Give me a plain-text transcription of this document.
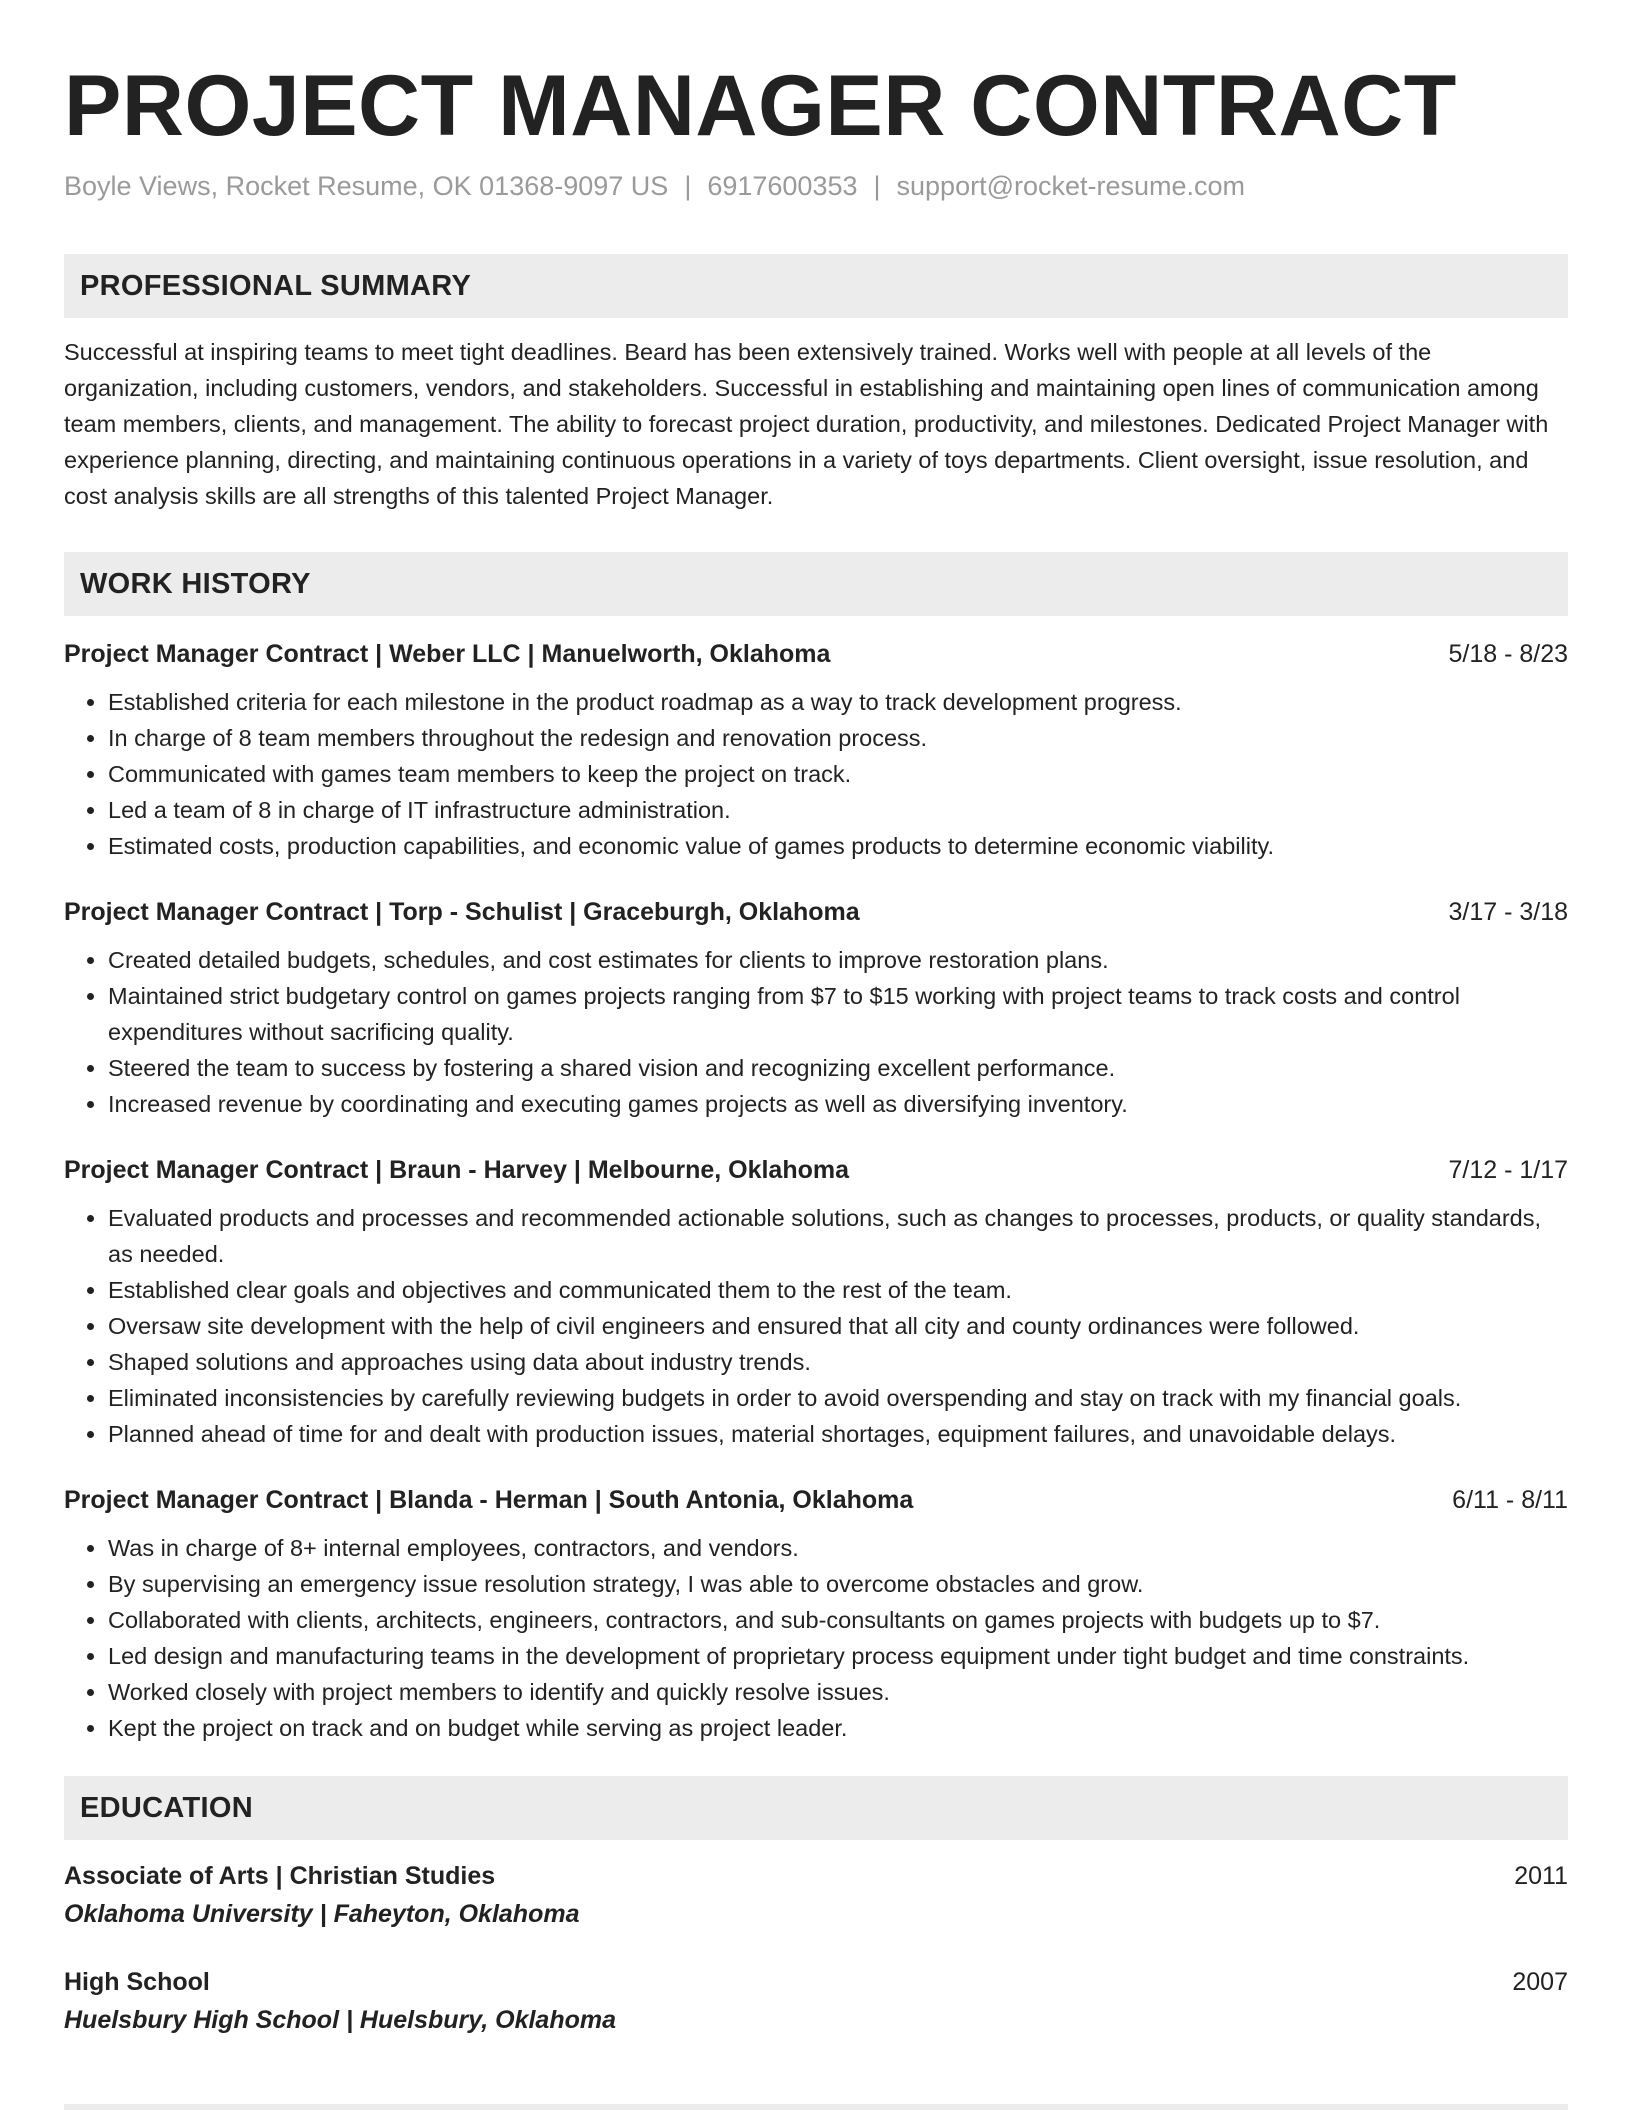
PROJECT MANAGER CONTRACT
Boyle Views, Rocket Resume, OK 01368-9097 US | 6917600353 | support@rocket-resume.com
PROFESSIONAL SUMMARY
Successful at inspiring teams to meet tight deadlines. Beard has been extensively trained. Works well with people at all levels of the organization, including customers, vendors, and stakeholders. Successful in establishing and maintaining open lines of communication among team members, clients, and management. The ability to forecast project duration, productivity, and milestones. Dedicated Project Manager with experience planning, directing, and maintaining continuous operations in a variety of toys departments. Client oversight, issue resolution, and cost analysis skills are all strengths of this talented Project Manager.
WORK HISTORY
Project Manager Contract | Weber LLC | Manuelworth, Oklahoma	5/18 - 8/23
• Established criteria for each milestone in the product roadmap as a way to track development progress.
• In charge of 8 team members throughout the redesign and renovation process.
• Communicated with games team members to keep the project on track.
• Led a team of 8 in charge of IT infrastructure administration.
• Estimated costs, production capabilities, and economic value of games products to determine economic viability.
Project Manager Contract | Torp - Schulist | Graceburgh, Oklahoma	3/17 - 3/18
• Created detailed budgets, schedules, and cost estimates for clients to improve restoration plans.
• Maintained strict budgetary control on games projects ranging from $7 to $15 working with project teams to track costs and control expenditures without sacrificing quality.
• Steered the team to success by fostering a shared vision and recognizing excellent performance.
• Increased revenue by coordinating and executing games projects as well as diversifying inventory.
Project Manager Contract | Braun - Harvey | Melbourne, Oklahoma	7/12 - 1/17
• Evaluated products and processes and recommended actionable solutions, such as changes to processes, products, or quality standards, as needed.
• Established clear goals and objectives and communicated them to the rest of the team.
• Oversaw site development with the help of civil engineers and ensured that all city and county ordinances were followed.
• Shaped solutions and approaches using data about industry trends.
• Eliminated inconsistencies by carefully reviewing budgets in order to avoid overspending and stay on track with my financial goals.
• Planned ahead of time for and dealt with production issues, material shortages, equipment failures, and unavoidable delays.
Project Manager Contract | Blanda - Herman | South Antonia, Oklahoma	6/11 - 8/11
• Was in charge of 8+ internal employees, contractors, and vendors.
• By supervising an emergency issue resolution strategy, I was able to overcome obstacles and grow.
• Collaborated with clients, architects, engineers, contractors, and sub-consultants on games projects with budgets up to $7.
• Led design and manufacturing teams in the development of proprietary process equipment under tight budget and time constraints.
• Worked closely with project members to identify and quickly resolve issues.
• Kept the project on track and on budget while serving as project leader.
EDUCATION
Associate of Arts | Christian Studies	2011
Oklahoma University | Faheyton, Oklahoma
High School	2007
Huelsbury High School | Huelsbury, Oklahoma
